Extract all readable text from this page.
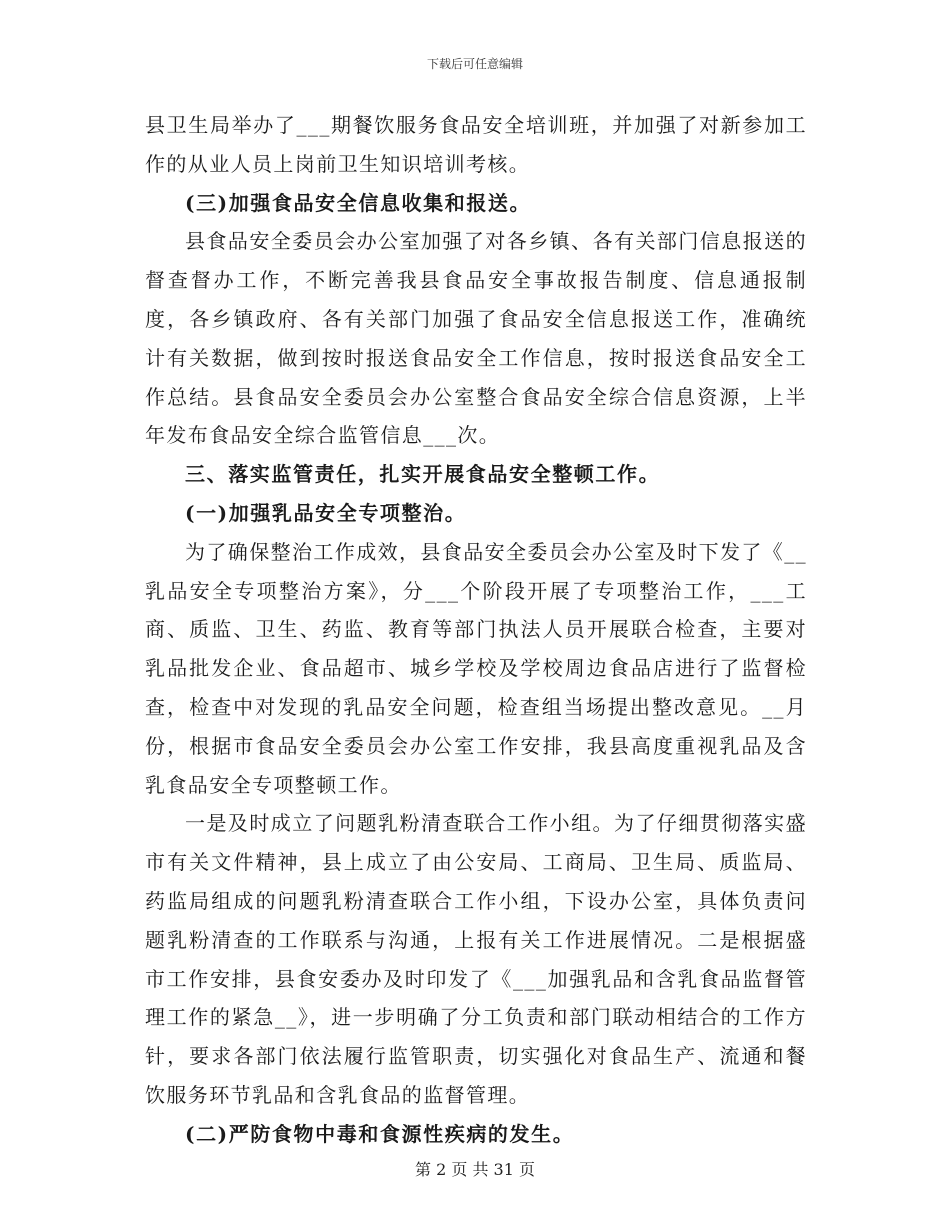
下载后可任意编辑

县卫生局举办了___期餐饮服务食品安全培训班，并加强了对新参加工作的从业人员上岗前卫生知识培训考核。

(三)加强食品安全信息收集和报送。

县食品安全委员会办公室加强了对各乡镇、各有关部门信息报送的督查督办工作，不断完善我县食品安全事故报告制度、信息通报制度，各乡镇政府、各有关部门加强了食品安全信息报送工作，准确统计有关数据，做到按时报送食品安全工作信息，按时报送食品安全工作总结。县食品安全委员会办公室整合食品安全综合信息资源，上半年发布食品安全综合监管信息___次。

三、落实监管责任，扎实开展食品安全整顿工作。

(一)加强乳品安全专项整治。

为了确保整治工作成效，县食品安全委员会办公室及时下发了《__乳品安全专项整治方案》，分___个阶段开展了专项整治工作，___工商、质监、卫生、药监、教育等部门执法人员开展联合检查，主要对乳品批发企业、食品超市、城乡学校及学校周边食品店进行了监督检查，检查中对发现的乳品安全问题，检查组当场提出整改意见。__月份，根据市食品安全委员会办公室工作安排，我县高度重视乳品及含乳食品安全专项整顿工作。

一是及时成立了问题乳粉清查联合工作小组。为了仔细贯彻落实盛市有关文件精神，县上成立了由公安局、工商局、卫生局、质监局、药监局组成的问题乳粉清查联合工作小组，下设办公室，具体负责问题乳粉清查的工作联系与沟通，上报有关工作进展情况。二是根据盛市工作安排，县食安委办及时印发了《___加强乳品和含乳食品监督管理工作的紧急__》，进一步明确了分工负责和部门联动相结合的工作方针，要求各部门依法履行监管职责，切实强化对食品生产、流通和餐饮服务环节乳品和含乳食品的监督管理。

(二)严防食物中毒和食源性疾病的发生。

第 2 页 共 31 页
